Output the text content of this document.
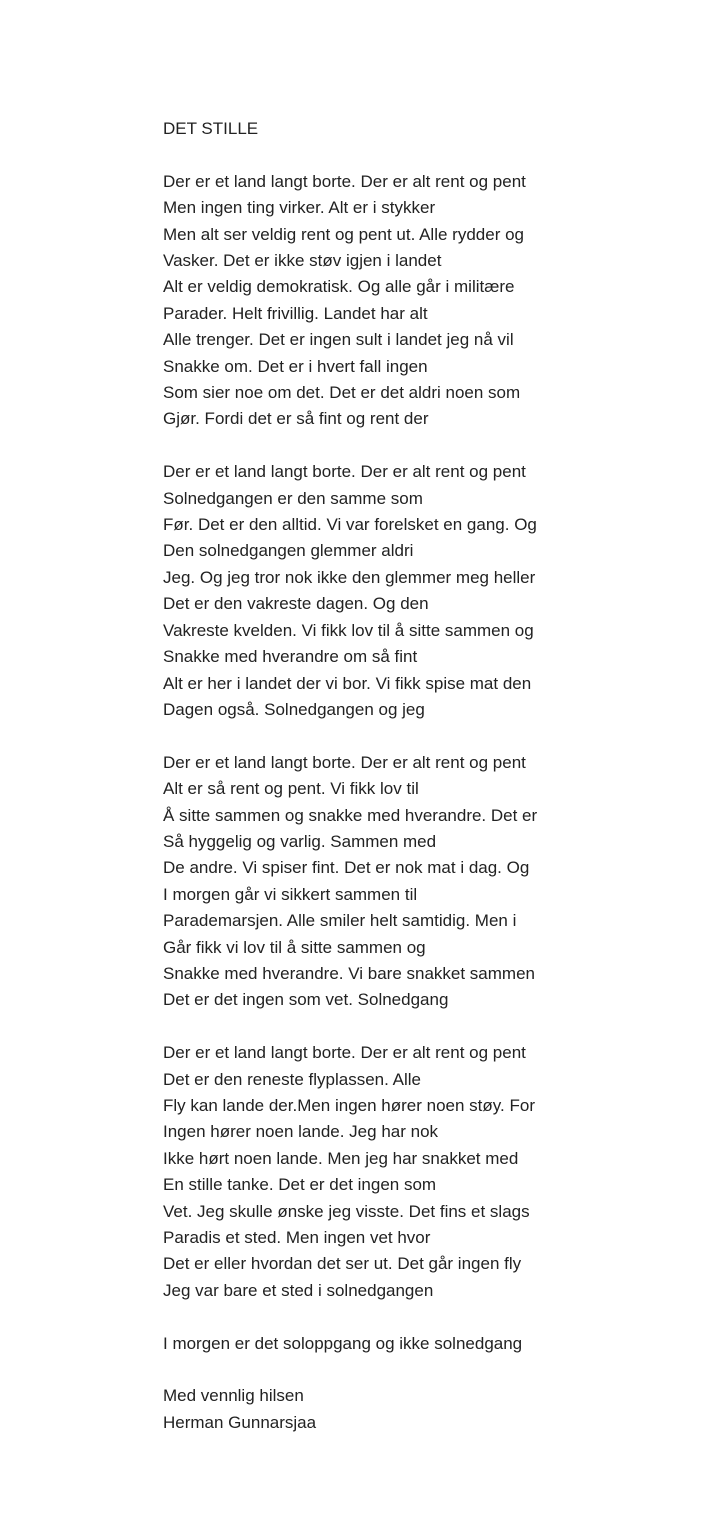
DET STILLE
Der er et land langt borte. Der er alt rent og pent
Men ingen ting virker. Alt er i stykker
Men alt ser veldig rent og pent ut. Alle rydder og
Vasker. Det er ikke støv igjen i landet
Alt er veldig demokratisk. Og alle går i militære
Parader. Helt frivillig. Landet har alt
Alle trenger. Det er ingen sult i landet jeg nå vil
Snakke om. Det er i hvert fall ingen
Som sier noe om det. Det er det aldri noen som
Gjør. Fordi det er så fint og rent der
Der er et land langt borte. Der er alt rent og pent
Solnedgangen er den samme som
Før. Det er den alltid. Vi var forelsket en gang. Og
Den solnedgangen glemmer aldri
Jeg. Og jeg tror nok ikke den glemmer meg heller
Det er den vakreste dagen. Og den
Vakreste kvelden. Vi fikk lov til å sitte sammen og
Snakke med hverandre om så fint
Alt er her i landet der vi bor. Vi fikk spise mat den
Dagen også. Solnedgangen og jeg
Der er et land langt borte. Der er alt rent og pent
Alt er så rent og pent. Vi fikk lov til
Å sitte sammen og snakke med hverandre. Det er
Så hyggelig og varlig. Sammen med
De andre. Vi spiser fint. Det er nok mat i dag. Og
I morgen går vi sikkert sammen til
Parademarsjen. Alle smiler helt samtidig. Men i
Går fikk vi lov til å sitte sammen og
Snakke med hverandre. Vi bare snakket sammen
Det er det ingen som vet. Solnedgang
Der er et land langt borte. Der er alt rent og pent
Det er den reneste flyplassen. Alle
Fly kan lande der.Men ingen hører noen støy. For
Ingen hører noen lande. Jeg har nok
Ikke hørt noen lande. Men jeg har snakket med
En stille tanke. Det er det ingen som
Vet. Jeg skulle ønske jeg visste. Det fins et slags
Paradis et sted. Men ingen vet hvor
Det er eller hvordan det ser ut. Det går ingen fly
Jeg var bare et sted i solnedgangen
I morgen er det soloppgang og ikke solnedgang
Med vennlig hilsen
Herman Gunnarsjaa
